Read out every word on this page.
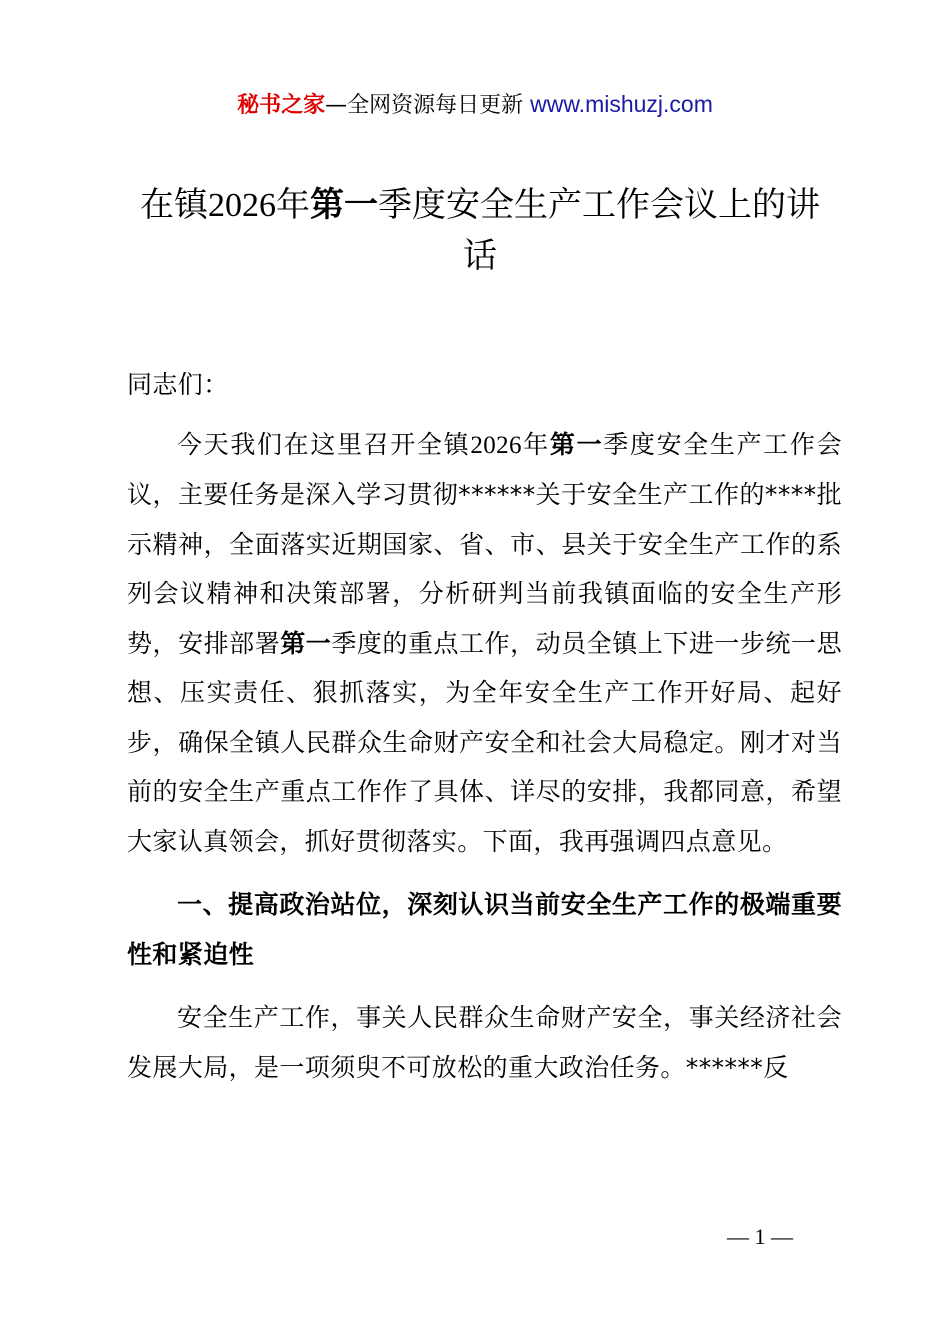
秘书之家—全网资源每日更新 www.mishuzj.com
在镇2026年第一季度安全生产工作会议上的讲话

同志们：

今天我们在这里召开全镇2026年第一季度安全生产工作会议，主要任务是深入学习贯彻******关于安全生产工作的****批示精神，全面落实近期国家、省、市、县关于安全生产工作的系列会议精神和决策部署，分析研判当前我镇面临的安全生产形势，安排部署第一季度的重点工作，动员全镇上下进一步统一思想、压实责任、狠抓落实，为全年安全生产工作开好局、起好步，确保全镇人民群众生命财产安全和社会大局稳定。刚才对当前的安全生产重点工作作了具体、详尽的安排，我都同意，希望大家认真领会，抓好贯彻落实。下面，我再强调四点意见。

一、提高政治站位，深刻认识当前安全生产工作的极端重要性和紧迫性

安全生产工作，事关人民群众生命财产安全，事关经济社会发展大局，是一项须臾不可放松的重大政治任务。******反

— 1 —
